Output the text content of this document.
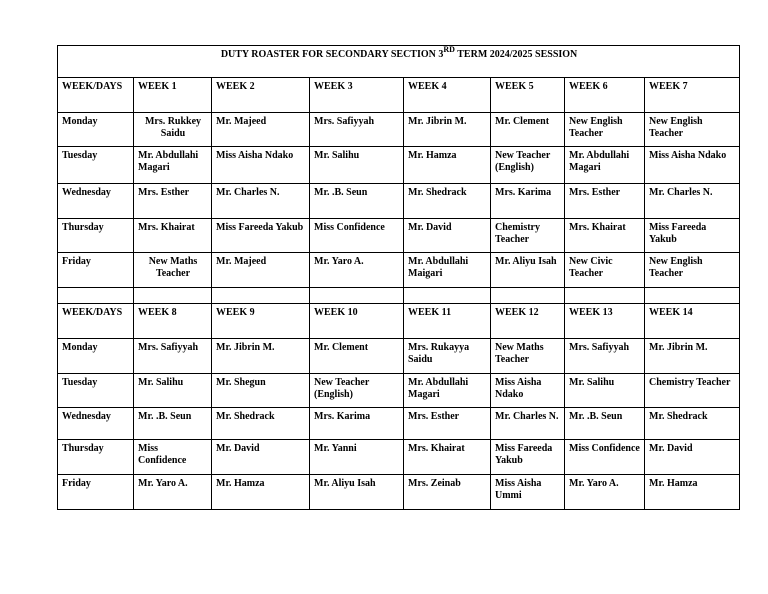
DUTY ROASTER FOR SECONDARY SECTION 3RD TERM 2024/2025 SESSION							
WEEK/DAYS	WEEK 1	WEEK 2	WEEK 3	WEEK 4	WEEK 5	WEEK 6	WEEK 7
Monday	Mrs. Rukkey Saidu	Mr. Majeed	Mrs. Safiyyah	Mr. Jibrin M.	Mr. Clement	New English Teacher	New English Teacher
Tuesday	Mr. Abdullahi Magari	Miss Aisha Ndako	Mr. Salihu	Mr. Hamza	New Teacher (English)	Mr. Abdullahi Magari	Miss Aisha Ndako
Wednesday	Mrs. Esther	Mr. Charles N.	Mr. .B. Seun	Mr. Shedrack	Mrs. Karima	Mrs. Esther	Mr. Charles N.
Thursday	Mrs. Khairat	Miss Fareeda Yakub	Miss Confidence	Mr. David	Chemistry Teacher	Mrs. Khairat	Miss Fareeda Yakub
Friday	New Maths Teacher	Mr. Majeed	Mr. Yaro A.	Mr. Abdullahi Maigari	Mr. Aliyu Isah	New Civic Teacher	New English Teacher

WEEK/DAYS	WEEK 8	WEEK 9	WEEK 10	WEEK 11	WEEK 12	WEEK 13	WEEK 14
Monday	Mrs. Safiyyah	Mr. Jibrin M.	Mr. Clement	Mrs. Rukayya Saidu	New Maths Teacher	Mrs. Safiyyah	Mr. Jibrin M.
Tuesday	Mr. Salihu	Mr. Shegun	New Teacher (English)	Mr. Abdullahi Magari	Miss Aisha Ndako	Mr. Salihu	Chemistry Teacher
Wednesday	Mr. .B. Seun	Mr. Shedrack	Mrs. Karima	Mrs. Esther	Mr. Charles N.	Mr. .B. Seun	Mr. Shedrack
Thursday	Miss Confidence	Mr. David	Mr. Yanni	Mrs. Khairat	Miss Fareeda Yakub	Miss Confidence	Mr. David
Friday	Mr. Yaro A.	Mr. Hamza	Mr. Aliyu Isah	Mrs. Zeinab	Miss Aisha Ummi	Mr. Yaro A.	Mr. Hamza
